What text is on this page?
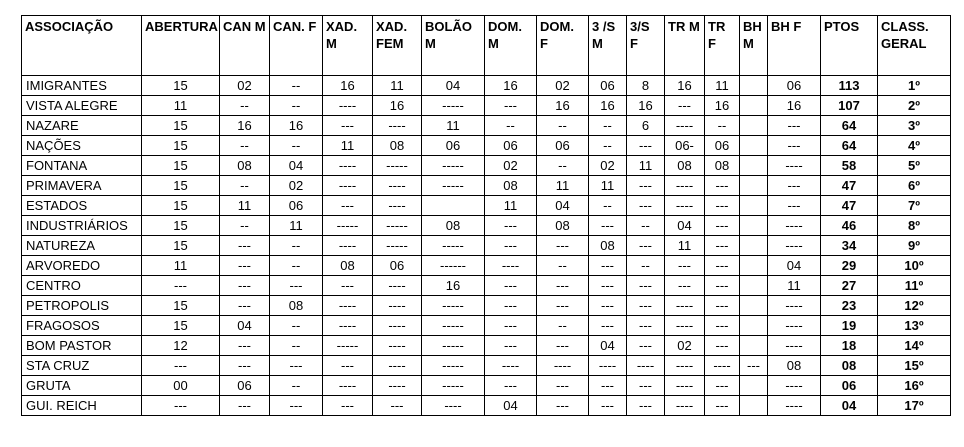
ASSOCIAÇÃO	ABERTURA	CAN M	CAN. F	XAD. M	XAD. FEM	BOLÃO M	DOM. M	DOM. F	3 /S M	3/S F	TR M	TR F	BH M	BH F	PTOS	CLASS. GERAL
IMIGRANTES	15	02	--	16	11	04	16	02	06	8	16	11		06	113	1º
VISTA ALEGRE	11	--	--	----	16	-----	---	16	16	16	---	16		16	107	2º
NAZARE	15	16	16	---	----	11	--	--	--	6	----	--		---	64	3º
NAÇÕES	15	--	--	11	08	06	06	06	--	---	06-	06		---	64	4º
FONTANA	15	08	04	----	-----	-----	02	--	02	11	08	08		----	58	5º
PRIMAVERA	15	--	02	----	----	-----	08	11	11	---	----	---		---	47	6º
ESTADOS	15	11	06	---	----		11	04	--	---	----	---		---	47	7º
INDUSTRIÁRIOS	15	--	11	-----	-----	08	---	08	---	--	04	---		----	46	8º
NATUREZA	15	---	--	----	-----	-----	---	---	08	---	11	---		----	34	9º
ARVOREDO	11	---	--	08	06	------	----	--	---	--	---	---		04	29	10º
CENTRO	---	---	---	---	----	16	---	---	---	---	---	---		11	27	11º
PETROPOLIS	15	---	08	----	----	-----	---	---	---	---	----	---		----	23	12º
FRAGOSOS	15	04	--	----	----	-----	---	--	---	---	----	---		----	19	13º
BOM PASTOR	12	---	--	-----	----	-----	---	---	04	---	02	---		----	18	14º
STA CRUZ	---	---	---	---	----	-----	----	----	----	----	----	----	---	08	08	15º
GRUTA	00	06	--	----	----	-----	---	---	---	---	----	---		----	06	16º
GUI. REICH	---	---	---	---	---	----	04	---	---	---	----	---		----	04	17º
